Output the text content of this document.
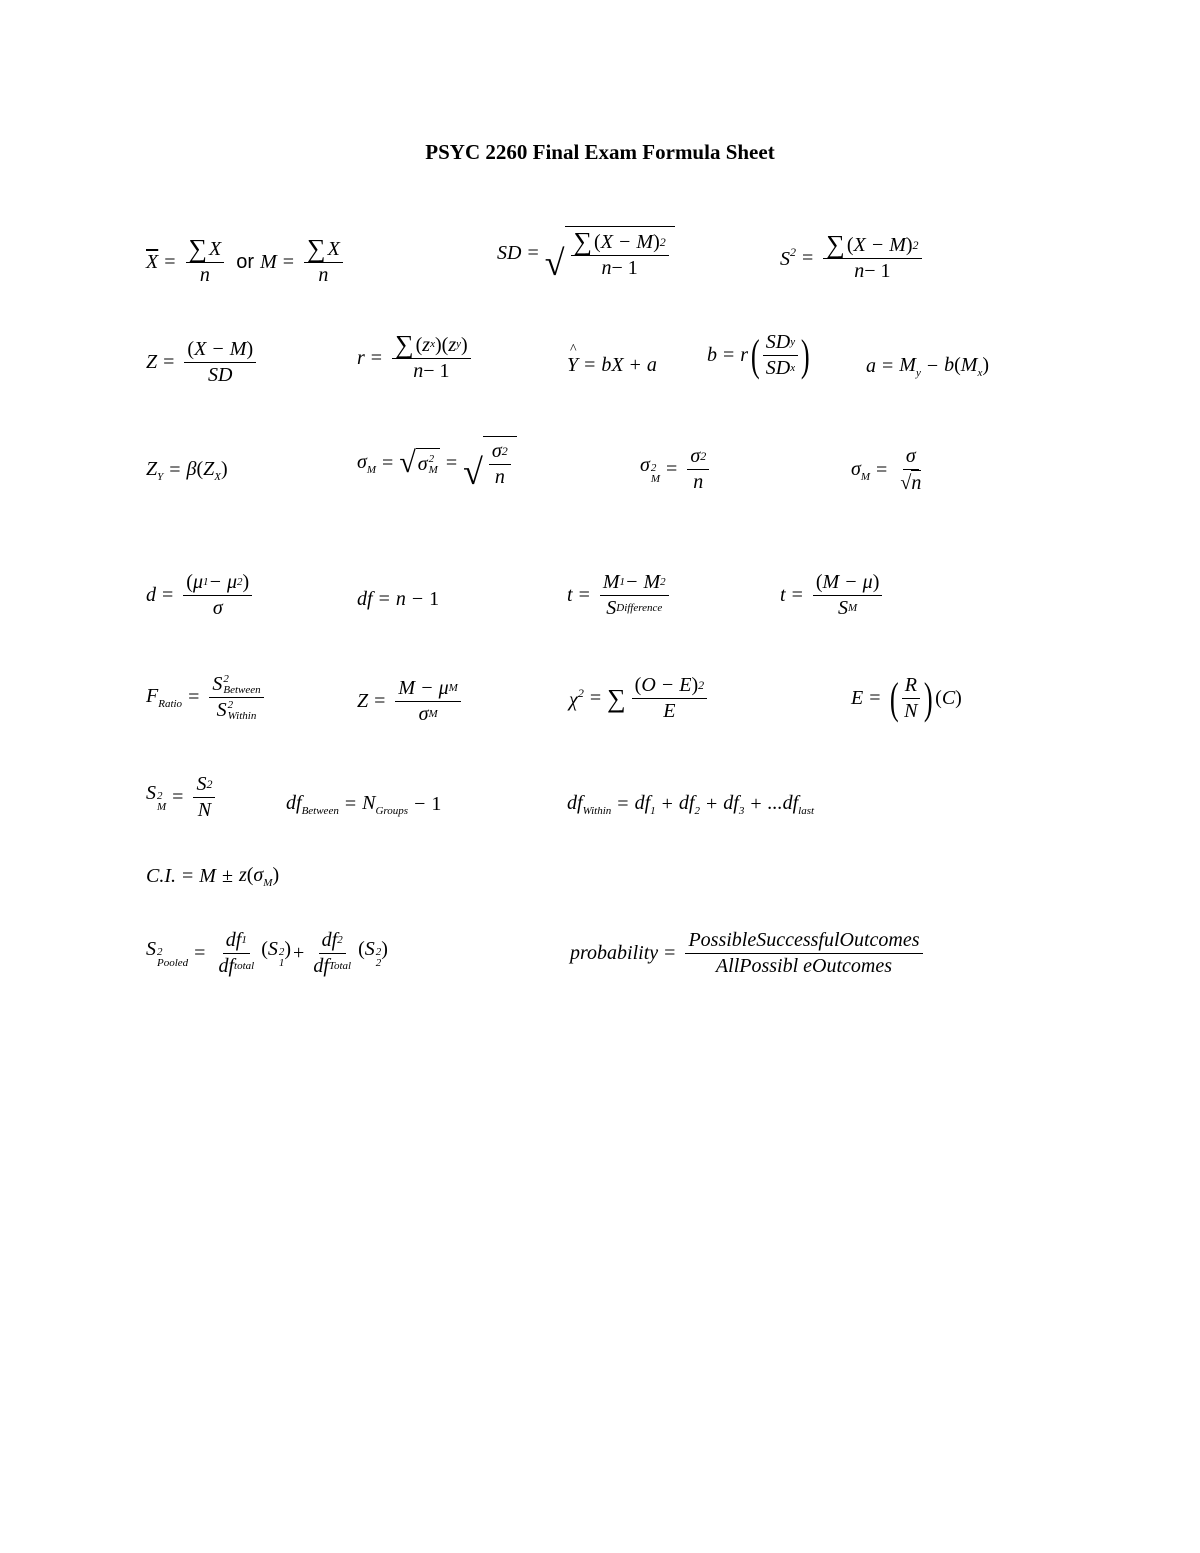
PSYC 2260 Final Exam Formula Sheet
$\overline{X} = \frac{\sum X}{n}$ or $M = \frac{\sum X}{n}$	SD = √
∑ ( X − M ) 2
n −
1	$S^2$ = ∑ ( X − M ) 2
n −
1
$Z = \frac{( X - M )}{SD}$	r = ∑ ( z x )( z y )
n −
1	^ Y = bX + a	b = r ( SD y
SD x )	$a = M_y - b(M_x)$
$Z_Y = \beta(Z_X)$	$\sigma_M$ = √ σ 2
M = √
σ 2
n
σ 2
$M = \frac{\sigma 2}{n}$	$\sigma_M = \frac{\sigma}{√ n}$
$d = \frac{( \mu 1 - \mu 2 )}{\sigma}$	df = n − 1	t =
M 1 − M 2
S Difference
$t = \frac{( M - \mu )}{\text{S M}}$
$F_{Ratio}$ =
S 2
Between
S 2
Within
$Z = \frac{\text{M − μ M}}{\text{σ M}}$	$\chi^2$ = ∑ ( O − E ) 2
E
E = ( R
N ) ( C )
S 2
$M = \frac{S 2}{N}$	$df_{Between} = N_{Groups} - 1$	$df_{Within} = df_1 + df_2 + df_3 + ...df_{last}$
C.I. = $M \pm z(\sigma_M)$
S 2
Pooled =
df 1
df total
(S 2
1
) +
df 2
df Total
(S 2
2
)	probability =
PossibleSuccessfulOutcomes
AllPossibl eOutcomes
